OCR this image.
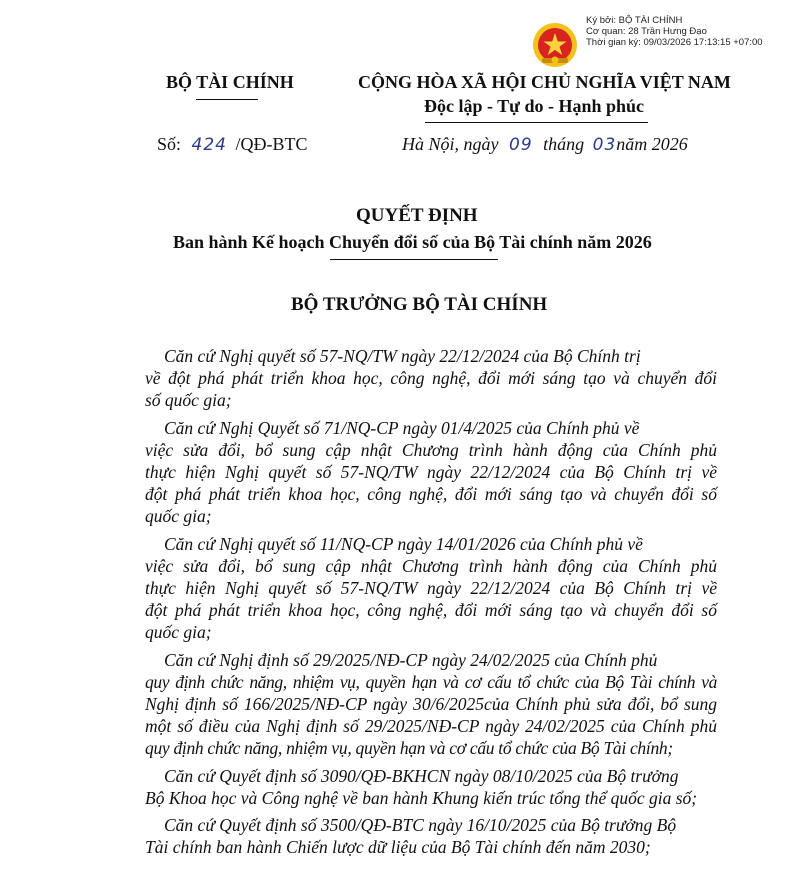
Ký bởi: BỘ TÀI CHÍNH
Cơ quan: 28 Trần Hưng Đạo
Thời gian ký: 09/03/2026 17:13:15 +07:00
BỘ TÀI CHÍNH	CỘNG HÒA XÃ HỘI CHỦ NGHĨA VIỆT NAM
Độc lập - Tự do - Hạnh phúc
Số: 424 /QĐ-BTC	Hà Nội, ngày 09 tháng 03năm 2026
QUYẾT ĐỊNH
Ban hành Kế hoạch Chuyển đổi số của Bộ Tài chính năm 2026
BỘ TRƯỞNG BỘ TÀI CHÍNH
Căn cứ Nghị quyết số 57-NQ/TW ngày 22/12/2024 của Bộ Chính trị
về đột phá phát triển khoa học, công nghệ, đổi mới sáng tạo và chuyển đổi
số quốc gia;
Căn cứ Nghị Quyết số 71/NQ-CP ngày 01/4/2025 của Chính phủ về
việc sửa đổi, bổ sung cập nhật Chương trình hành động của Chính phủ
thực hiện Nghị quyết số 57-NQ/TW ngày 22/12/2024 của Bộ Chính trị về
đột phá phát triển khoa học, công nghệ, đổi mới sáng tạo và chuyển đổi số
quốc gia;
Căn cứ Nghị quyết số 11/NQ-CP ngày 14/01/2026 của Chính phủ về
việc sửa đổi, bổ sung cập nhật Chương trình hành động của Chính phủ
thực hiện Nghị quyết số 57-NQ/TW ngày 22/12/2024 của Bộ Chính trị về
đột phá phát triển khoa học, công nghệ, đổi mới sáng tạo và chuyển đổi số
quốc gia;
Căn cứ Nghị định số 29/2025/NĐ-CP ngày 24/02/2025 của Chính phủ
quy định chức năng, nhiệm vụ, quyền hạn và cơ cấu tổ chức của Bộ Tài chính và
Nghị định số 166/2025/NĐ-CP ngày 30/6/2025của Chính phủ sửa đổi, bổ sung
một số điều của Nghị định số 29/2025/NĐ-CP ngày 24/02/2025 của Chính phủ
quy định chức năng, nhiệm vụ, quyền hạn và cơ cấu tổ chức của Bộ Tài chính;
Căn cứ Quyết định số 3090/QĐ-BKHCN ngày 08/10/2025 của Bộ trưởng
Bộ Khoa học và Công nghệ về ban hành Khung kiến trúc tổng thể quốc gia số;
Căn cứ Quyết định số 3500/QĐ-BTC ngày 16/10/2025 của Bộ trưởng Bộ
Tài chính ban hành Chiến lược dữ liệu của Bộ Tài chính đến năm 2030;
